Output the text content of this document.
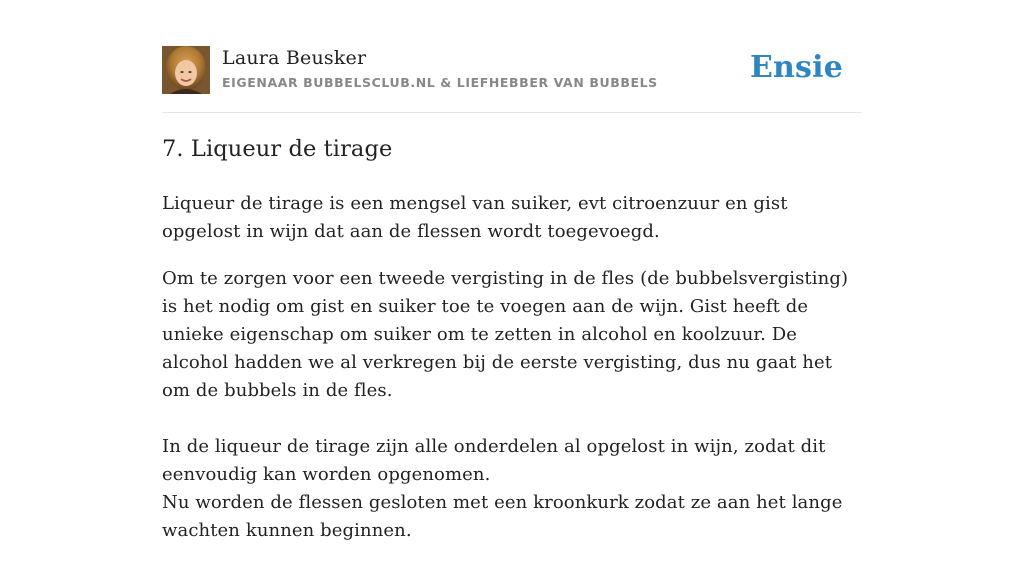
Laura Beusker
EIGENAAR BUBBELSCLUB.NL & LIEFHEBBER VAN BUBBELS	Ensie
7. Liqueur de tirage

Liqueur de tirage is een mengsel van suiker, evt citroenzuur en gist opgelost in wijn dat aan de flessen wordt toegevoegd.

Om te zorgen voor een tweede vergisting in de fles (de bubbelsvergisting) is het nodig om gist en suiker toe te voegen aan de wijn. Gist heeft de unieke eigenschap om suiker om te zetten in alcohol en koolzuur. De alcohol hadden we al verkregen bij de eerste vergisting, dus nu gaat het om de bubbels in de fles.
In de liqueur de tirage zijn alle onderdelen al opgelost in wijn, zodat dit eenvoudig kan worden opgenomen.
Nu worden de flessen gesloten met een kroonkurk zodat ze aan het lange wachten kunnen beginnen.
